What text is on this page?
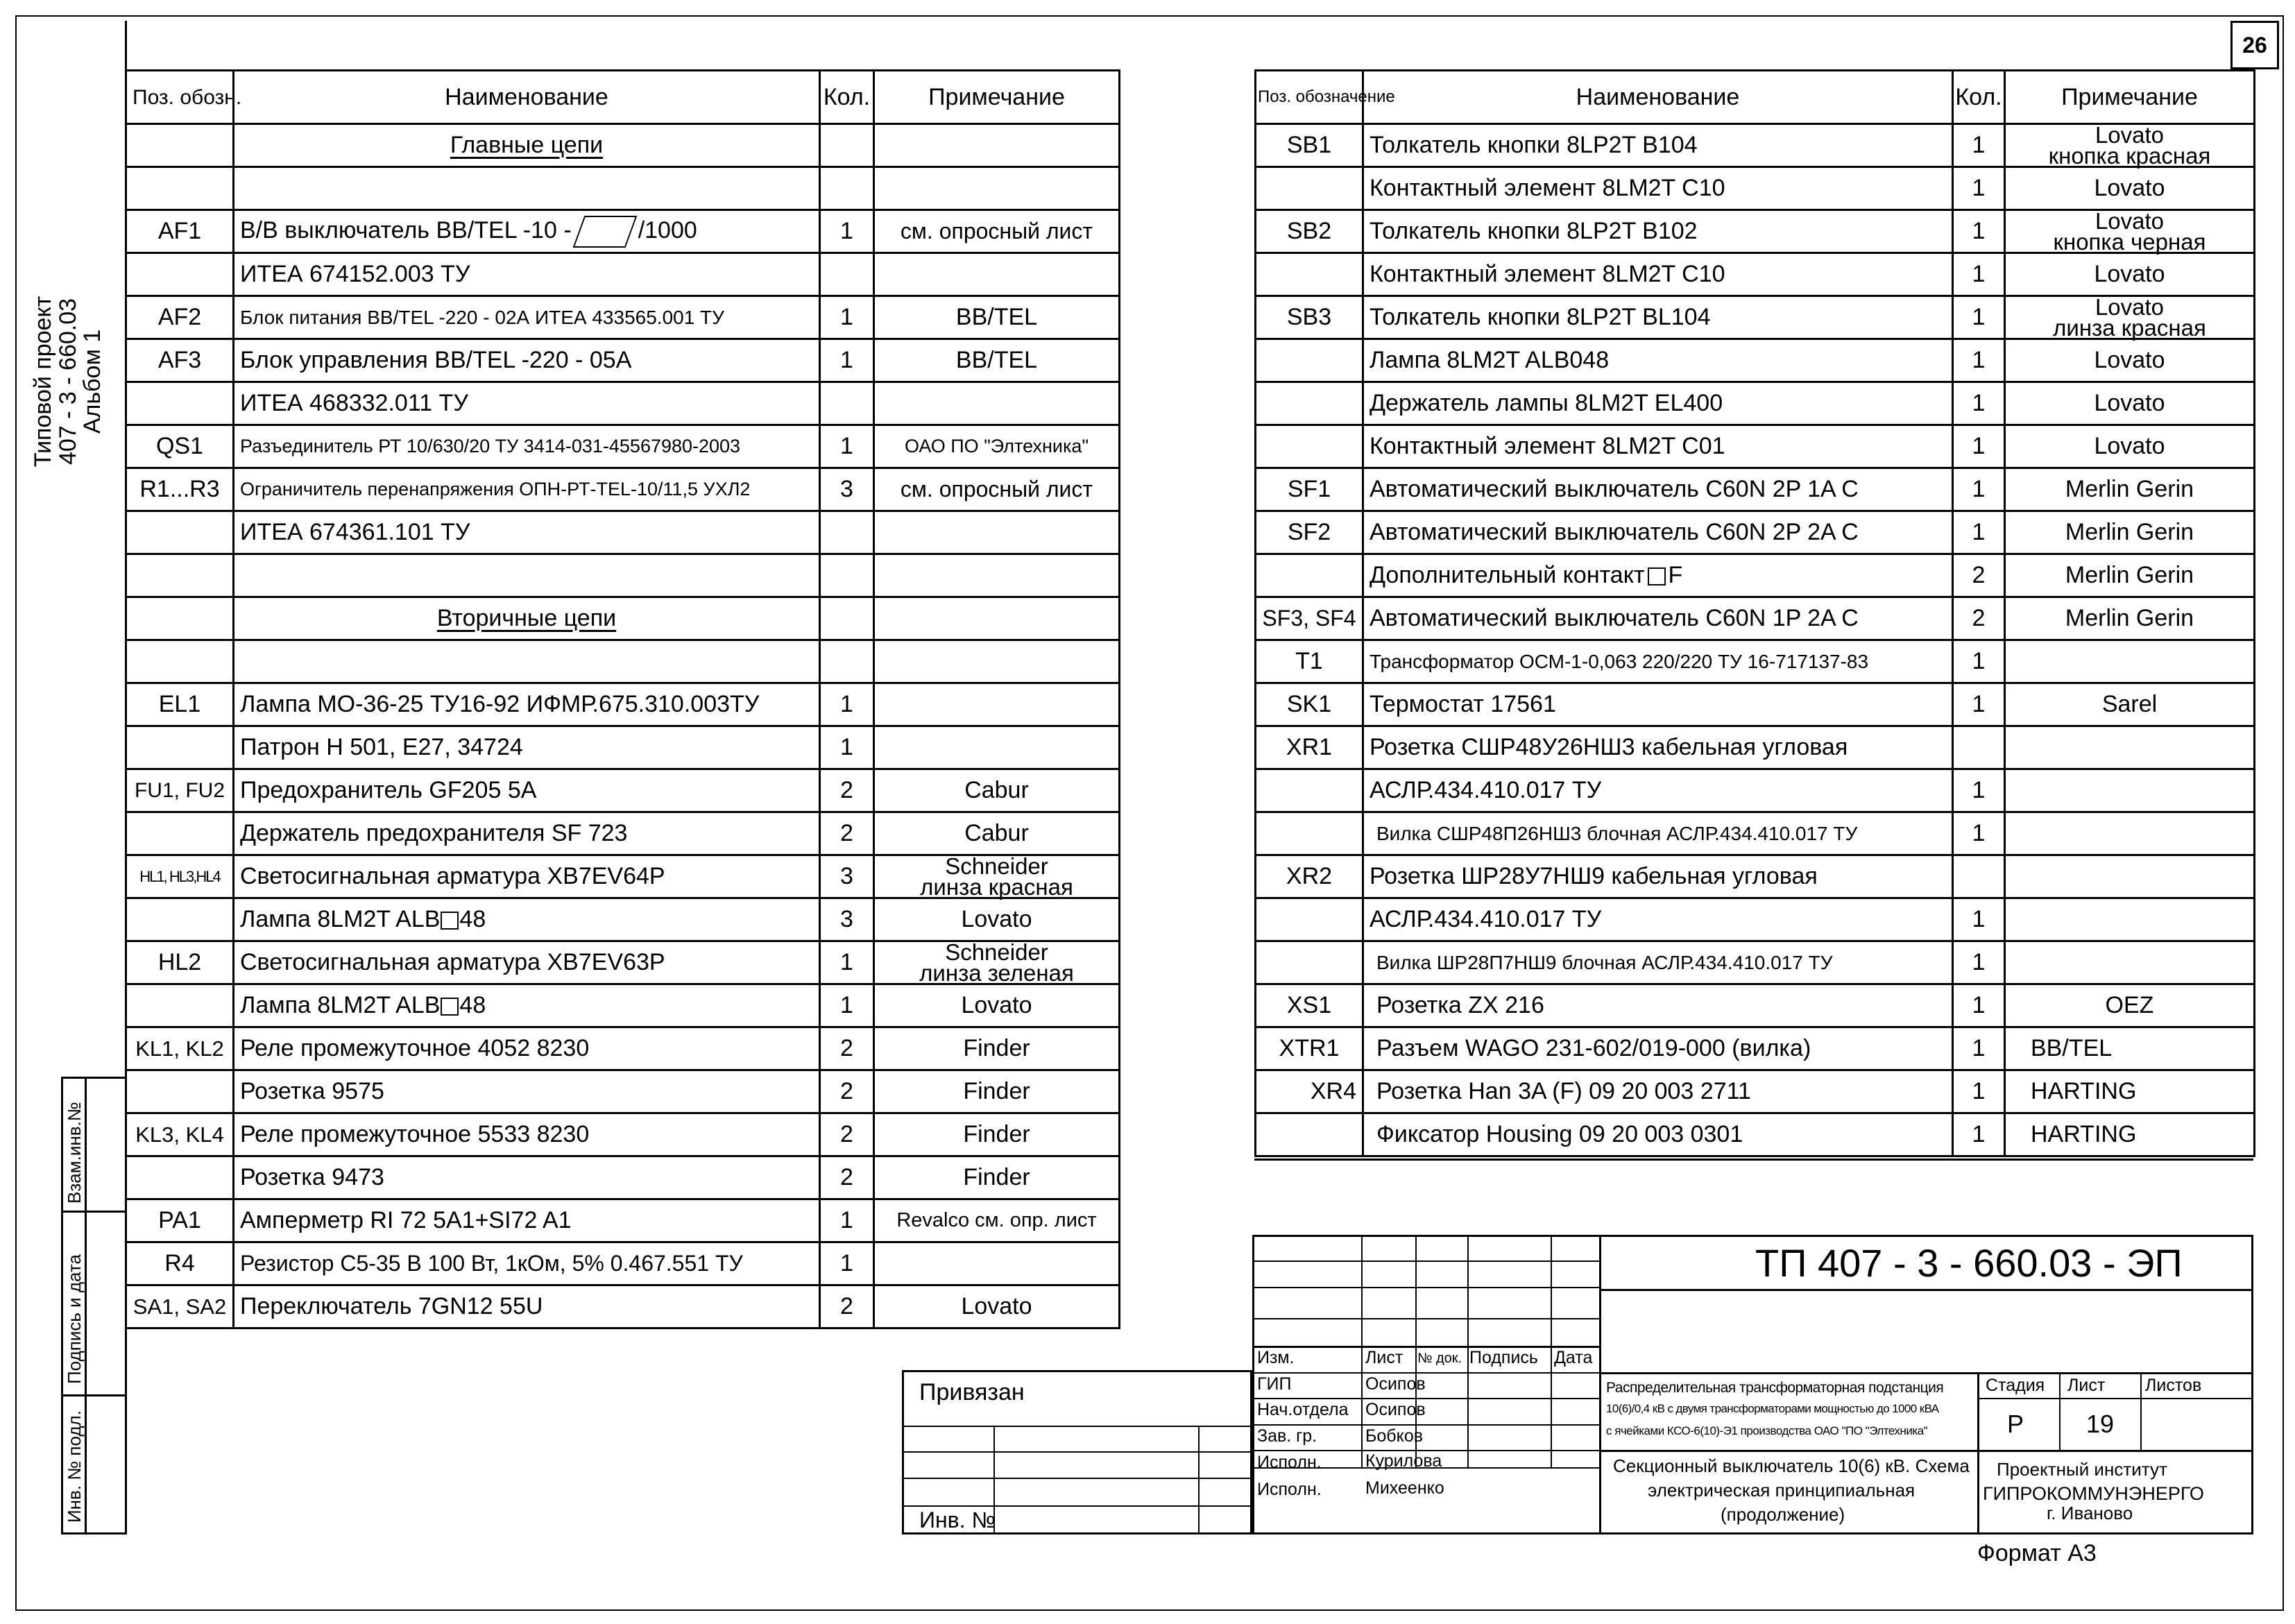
26
Типовой проект
407 - 3 - 660.03
Альбом 1
Взам.инв.№
Подпись и дата
Инв. № подл.
Поз. обозн.	Наименование	Кол.	Примечание
	Главные цепи		

AF1	В/В выключатель BB/TEL -10 - /1000	1	см. опросный лист
	ИТЕА 674152.003 ТУ		
AF2	Блок питания BB/TEL -220 - 02А ИТЕА 433565.001 ТУ	1	BB/TEL
AF3	Блок управления BB/TEL -220 - 05А	1	BB/TEL
	ИТЕА 468332.011 ТУ		
QS1	Разъединитель РТ 10/630/20 ТУ 3414-031-45567980-2003	1	ОАО ПО "Элтехника"
R1...R3	Ограничитель перенапряжения ОПН-РТ-TEL-10/11,5 УХЛ2	3	см. опросный лист
	ИТЕА 674361.101 ТУ		

	Вторичные цепи		

EL1	Лампа МО-36-25 ТУ16-92 ИФМР.675.310.003ТУ	1	
	Патрон Н 501, Е27, 34724	1	
FU1, FU2	Предохранитель GF205 5A	2	Cabur
	Держатель предохранителя SF 723	2	Cabur
HL1, HL3,HL4	Светосигнальная арматура XB7EV64P	3	Schneider
линза красная

	Лампа 8LM2T ALB 48	3	Lovato
HL2	Светосигнальная арматура XB7EV63P	1	Schneider
линза зеленая

	Лампа 8LM2T ALB 48	1	Lovato
KL1, KL2	Реле промежуточное 4052 8230	2	Finder
	Розетка 9575	2	Finder
KL3, KL4	Реле промежуточное 5533 8230	2	Finder
	Розетка 9473	2	Finder
PA1	Амперметр RI 72 5A1+SI72 A1	1	Revalco см. опр. лист
R4	Резистор С5-35 В 100 Вт, 1кОм, 5% 0.467.551 ТУ	1	
SA1, SA2	Переключатель 7GN12 55U	2	Lovato
Поз. обозначение	Наименование	Кол.	Примечание
SB1	Толкатель кнопки 8LP2T B104	1	Lovato
кнопка красная

	Контактный элемент 8LM2T C10	1	Lovato
SB2	Толкатель кнопки 8LP2T B102	1	Lovato
кнопка черная

	Контактный элемент 8LM2T C10	1	Lovato
SB3	Толкатель кнопки 8LP2T BL104	1	Lovato
линза красная

	Лампа 8LM2T ALB048	1	Lovato
	Держатель лампы 8LM2T EL400	1	Lovato
	Контактный элемент 8LM2T C01	1	Lovato
SF1	Автоматический выключатель C60N 2P 1A C	1	Merlin Gerin
SF2	Автоматический выключатель C60N 2P 2A C	1	Merlin Gerin
	Дополнительный контакт F	2	Merlin Gerin
SF3, SF4	Автоматический выключатель C60N 1P 2A C	2	Merlin Gerin
T1	Трансформатор ОСМ-1-0,063 220/220 ТУ 16-717137-83	1	
SK1	Термостат 17561	1	Sarel
XR1	Розетка СШР48У26НШ3 кабельная угловая		
	АСЛР.434.410.017 ТУ	1	
	Вилка СШР48П26НШ3 блочная АСЛР.434.410.017 ТУ	1	
XR2	Розетка ШР28У7НШ9 кабельная угловая		
	АСЛР.434.410.017 ТУ	1	
	Вилка ШР28П7НШ9 блочная АСЛР.434.410.017 ТУ	1	
XS1	Розетка ZX 216	1	OEZ
XTR1	Разъем WAGO 231-602/019-000 (вилка)	1	BB/TEL
XR4	Розетка Han 3A (F) 09 20 003 2711	1	HARTING
	Фиксатор Housing 09 20 003 0301	1	HARTING
Привязан
Инв. №
ТП 407 - 3 - 660.03 - ЭП
Изм.	Лист № док. Подпись Дата
ГИП	Осипов
Нач.отдела Осипов
Зав. гр.	Бобков
Исполн.	Курилова
Исполн.	Михеенко
Распределительная трансформаторная подстанция
10(6)/0,4 кВ с двумя трансформаторами мощностью до 1000 кВА
с ячейками КСО-6(10)-Э1 производства ОАО "ПО "Элтехника"
Секционный выключатель 10(6) кВ. Схема
электрическая принципиальная
(продолжение)
Стадия Лист Листов
Р 19
Проектный институт
ГИПРОКОММУНЭНЕРГО
г. Иваново
Формат А3
